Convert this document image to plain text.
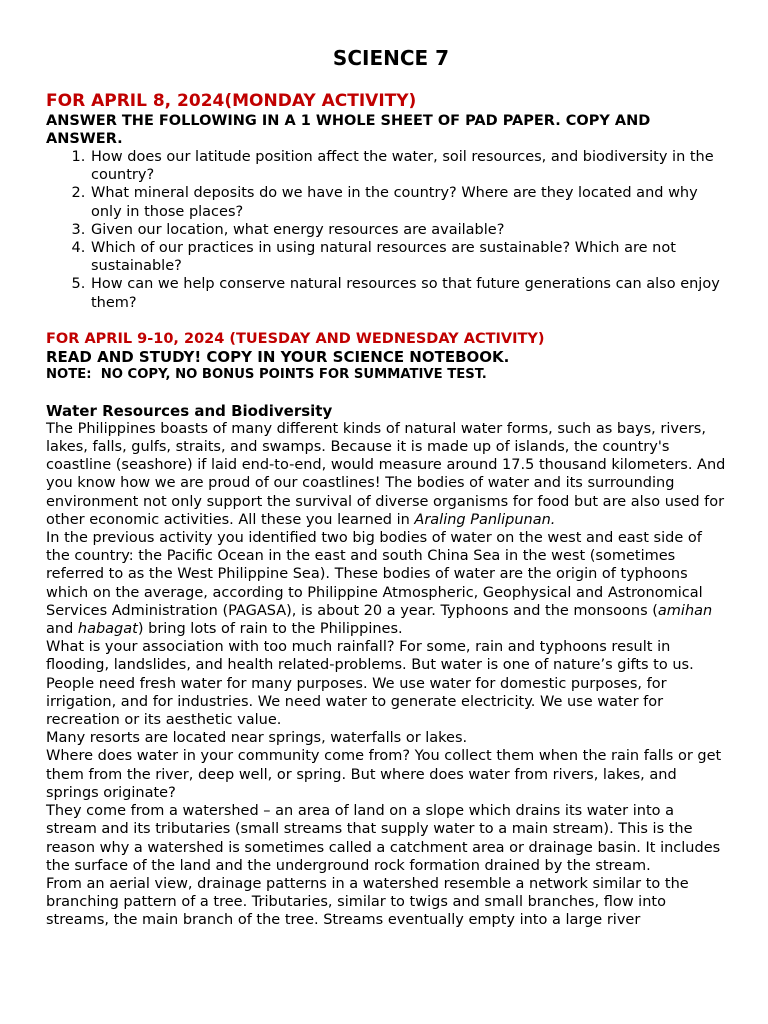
SCIENCE 7

FOR APRIL 8, 2024(MONDAY ACTIVITY)

ANSWER THE FOLLOWING IN A 1 WHOLE SHEET OF PAD PAPER. COPY AND ANSWER.

1. How does our latitude position affect the water, soil resources, and biodiversity in the country?
2. What mineral deposits do we have in the country? Where are they located and why only in those places?
3. Given our location, what energy resources are available?
4. Which of our practices in using natural resources are sustainable? Which are not sustainable?
5. How can we help conserve natural resources so that future generations can also enjoy them?

FOR APRIL 9-10, 2024 (TUESDAY AND WEDNESDAY ACTIVITY)

READ AND STUDY! COPY IN YOUR SCIENCE NOTEBOOK.

NOTE:  NO COPY, NO BONUS POINTS FOR SUMMATIVE TEST.

Water Resources and Biodiversity

The Philippines boasts of many different kinds of natural water forms, such as bays, rivers, lakes, falls, gulfs, straits, and swamps. Because it is made up of islands, the country's coastline (seashore) if laid end-to-end, would measure around 17.5 thousand kilometers. And you know how we are proud of our coastlines! The bodies of water and its surrounding environment not only support the survival of diverse organisms for food but are also used for other economic activities. All these you learned in Araling Panlipunan.

In the previous activity you identified two big bodies of water on the west and east side of the country: the Pacific Ocean in the east and south China Sea in the west (sometimes referred to as the West Philippine Sea). These bodies of water are the origin of typhoons which on the average, according to Philippine Atmospheric, Geophysical and Astronomical Services Administration (PAGASA), is about 20 a year. Typhoons and the monsoons (amihan and habagat) bring lots of rain to the Philippines.

What is your association with too much rainfall? For some, rain and typhoons result in flooding, landslides, and health related-problems. But water is one of nature’s gifts to us. People need fresh water for many purposes. We use water for domestic purposes, for irrigation, and for industries. We need water to generate electricity. We use water for recreation or its aesthetic value.

Many resorts are located near springs, waterfalls or lakes.

Where does water in your community come from? You collect them when the rain falls or get them from the river, deep well, or spring. But where does water from rivers, lakes, and springs originate?

They come from a watershed – an area of land on a slope which drains its water into a stream and its tributaries (small streams that supply water to a main stream). This is the reason why a watershed is sometimes called a catchment area or drainage basin. It includes the surface of the land and the underground rock formation drained by the stream.

From an aerial view, drainage patterns in a watershed resemble a network similar to the branching pattern of a tree. Tributaries, similar to twigs and small branches, flow into streams, the main branch of the tree. Streams eventually empty into a large river
